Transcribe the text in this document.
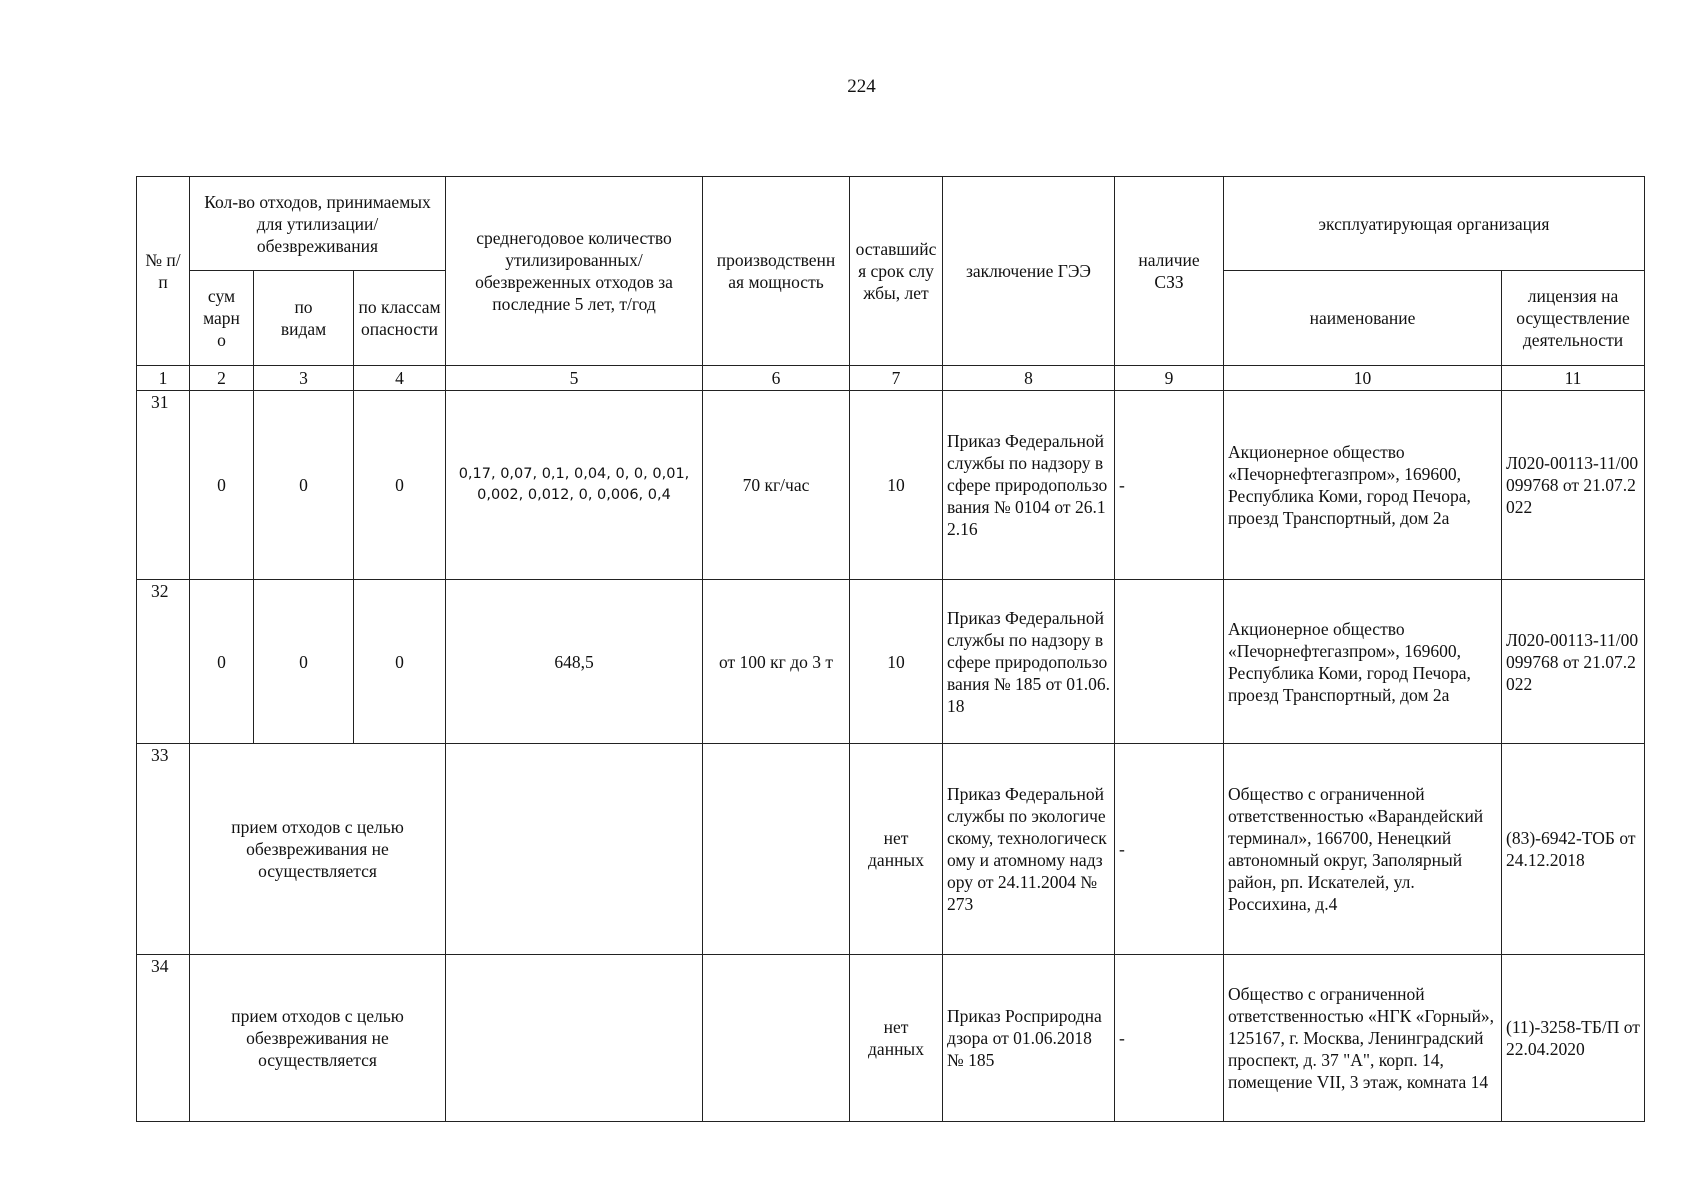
224
№ п/п	Кол-во отходов, принимаемых для утилизации/обезвреживания			среднегодовое количество утилизированных/обезвреженных отходов за последние 5 лет, т/год	производственная мощность	оставшийся срок службы, лет	заключение ГЭЭ	наличие СЗЗ	эксплуатирующая организация	
	сум марн о	по видам	по классам опасности						наименование	лицензия на осуществление деятельности
1	2	3	4	5	6	7	8	9	10	11
31	0	0	0	0,17, 0,07, 0,1, 0,04, 0, 0, 0,01, 0,002, 0,012, 0, 0,006, 0,4	70 кг/час	10	Приказ Федеральной службы по надзору в сфере природопользования № 0104 от 26.12.16	-	Акционерное общество «Печорнефтегазпром», 169600, Республика Коми, город Печора, проезд Транспортный, дом 2а	Л020-00113-11/00099768 от 21.07.2022
32	0	0	0	648,5	от 100 кг до 3 т	10	Приказ Федеральной службы по надзору в сфере природопользования № 185 от 01.06.18		Акционерное общество «Печорнефтегазпром», 169600, Республика Коми, город Печора, проезд Транспортный, дом 2а	Л020-00113-11/00099768 от 21.07.2022
33	прием отходов с целью обезвреживания не осуществляется					нет данных	Приказ Федеральной службы по экологическому, технологическому и атомному надзору от 24.11.2004 № 273	-	Общество с ограниченной ответственностью «Варандейский терминал», 166700, Ненецкий автономный округ, Заполярный район, рп. Искателей, ул. Россихина, д.4	(83)-6942-ТОБ от 24.12.2018
34	прием отходов с целью обезвреживания не осуществляется					нет данных	Приказ Росприроднадзора от 01.06.2018 № 185	-	Общество с ограниченной ответственностью «НГК «Горный», 125167, г. Москва, Ленинградский проспект, д. 37 "А", корп. 14, помещение VII, 3 этаж, комната 14	(11)-3258-ТБ/П от 22.04.2020
